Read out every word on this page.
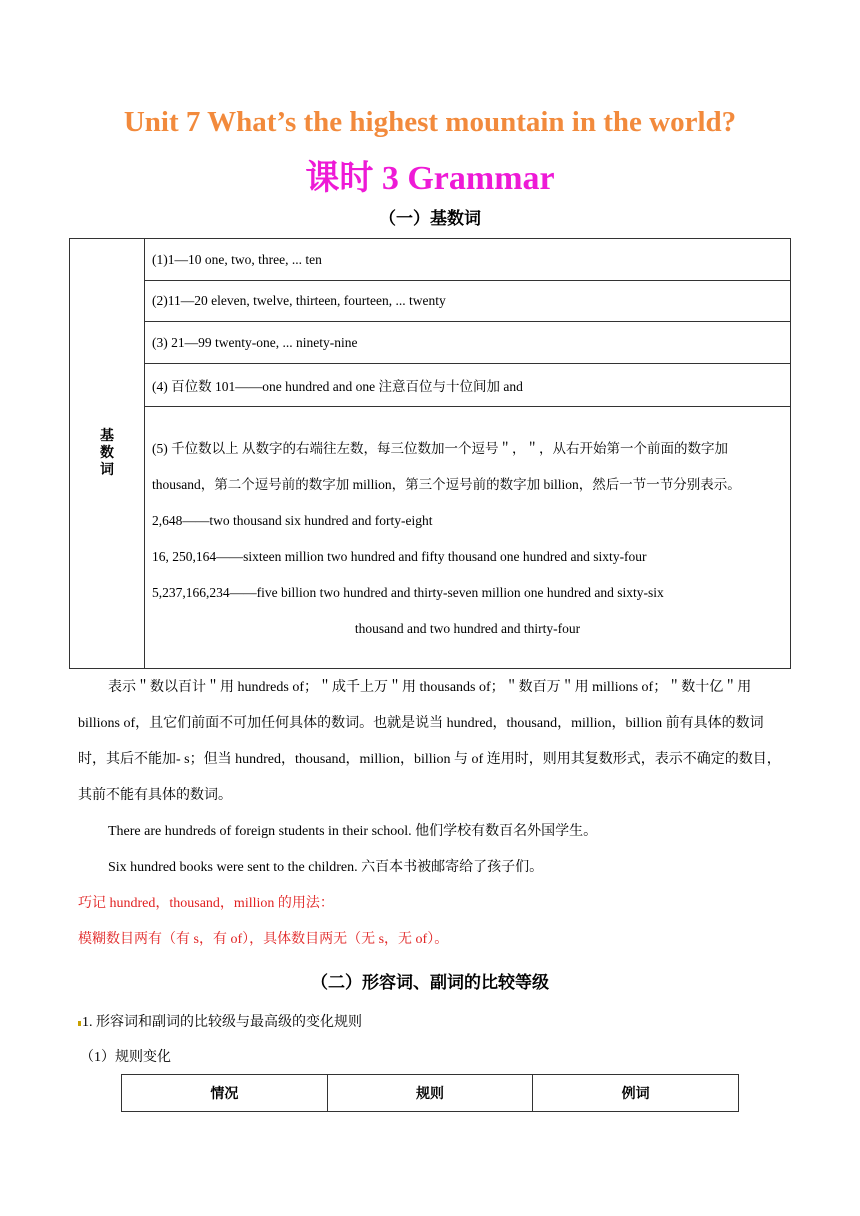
Unit 7 What’s the highest mountain in the world?
课时 3 Grammar
（一）基数词
基
数
词	(1)1—10 one, two, three, ... ten
(2)11—20 eleven, twelve, thirteen, fourteen, ... twenty
(3) 21—99 twenty-one, ... ninety-nine
(4) 百位数 101——one hundred and one 注意百位与十位间加 and

(5) 千位数以上 从数字的右端往左数，每三位数加一个逗号＂，＂，从右开始第一个前面的数字加 thousand，第二个逗号前的数字加 million，第三个逗号前的数字加 billion，然后一节一节分别表示。

2,648——two thousand six hundred and forty-eight

16, 250,164——sixteen million two hundred and fifty thousand one hundred and sixty-four

5,237,166,234——five billion two hundred and thirty-seven million one hundred and sixty-six

thousand and two hundred and thirty-four

表示＂数以百计＂用 hundreds of；＂成千上万＂用 thousands of；＂数百万＂用 millions of；＂数十亿＂用 billions of，且它们前面不可加任何具体的数词。也就是说当 hundred，thousand，million，billion 前有具体的数词时，其后不能加- s；但当 hundred，thousand，million，billion 与 of 连用时，则用其复数形式，表示不确定的数目，其前不能有具体的数词。
There are hundreds of foreign students in their school. 他们学校有数百名外国学生。
Six hundred books were sent to the children. 六百本书被邮寄给了孩子们。
巧记 hundred，thousand，million 的用法：
模糊数目两有（有 s，有 of），具体数目两无（无 s，无 of）。
（二）形容词、副词的比较等级
1. 形容词和副词的比较级与最高级的变化规则
（1）规则变化
情况	规则	例词
